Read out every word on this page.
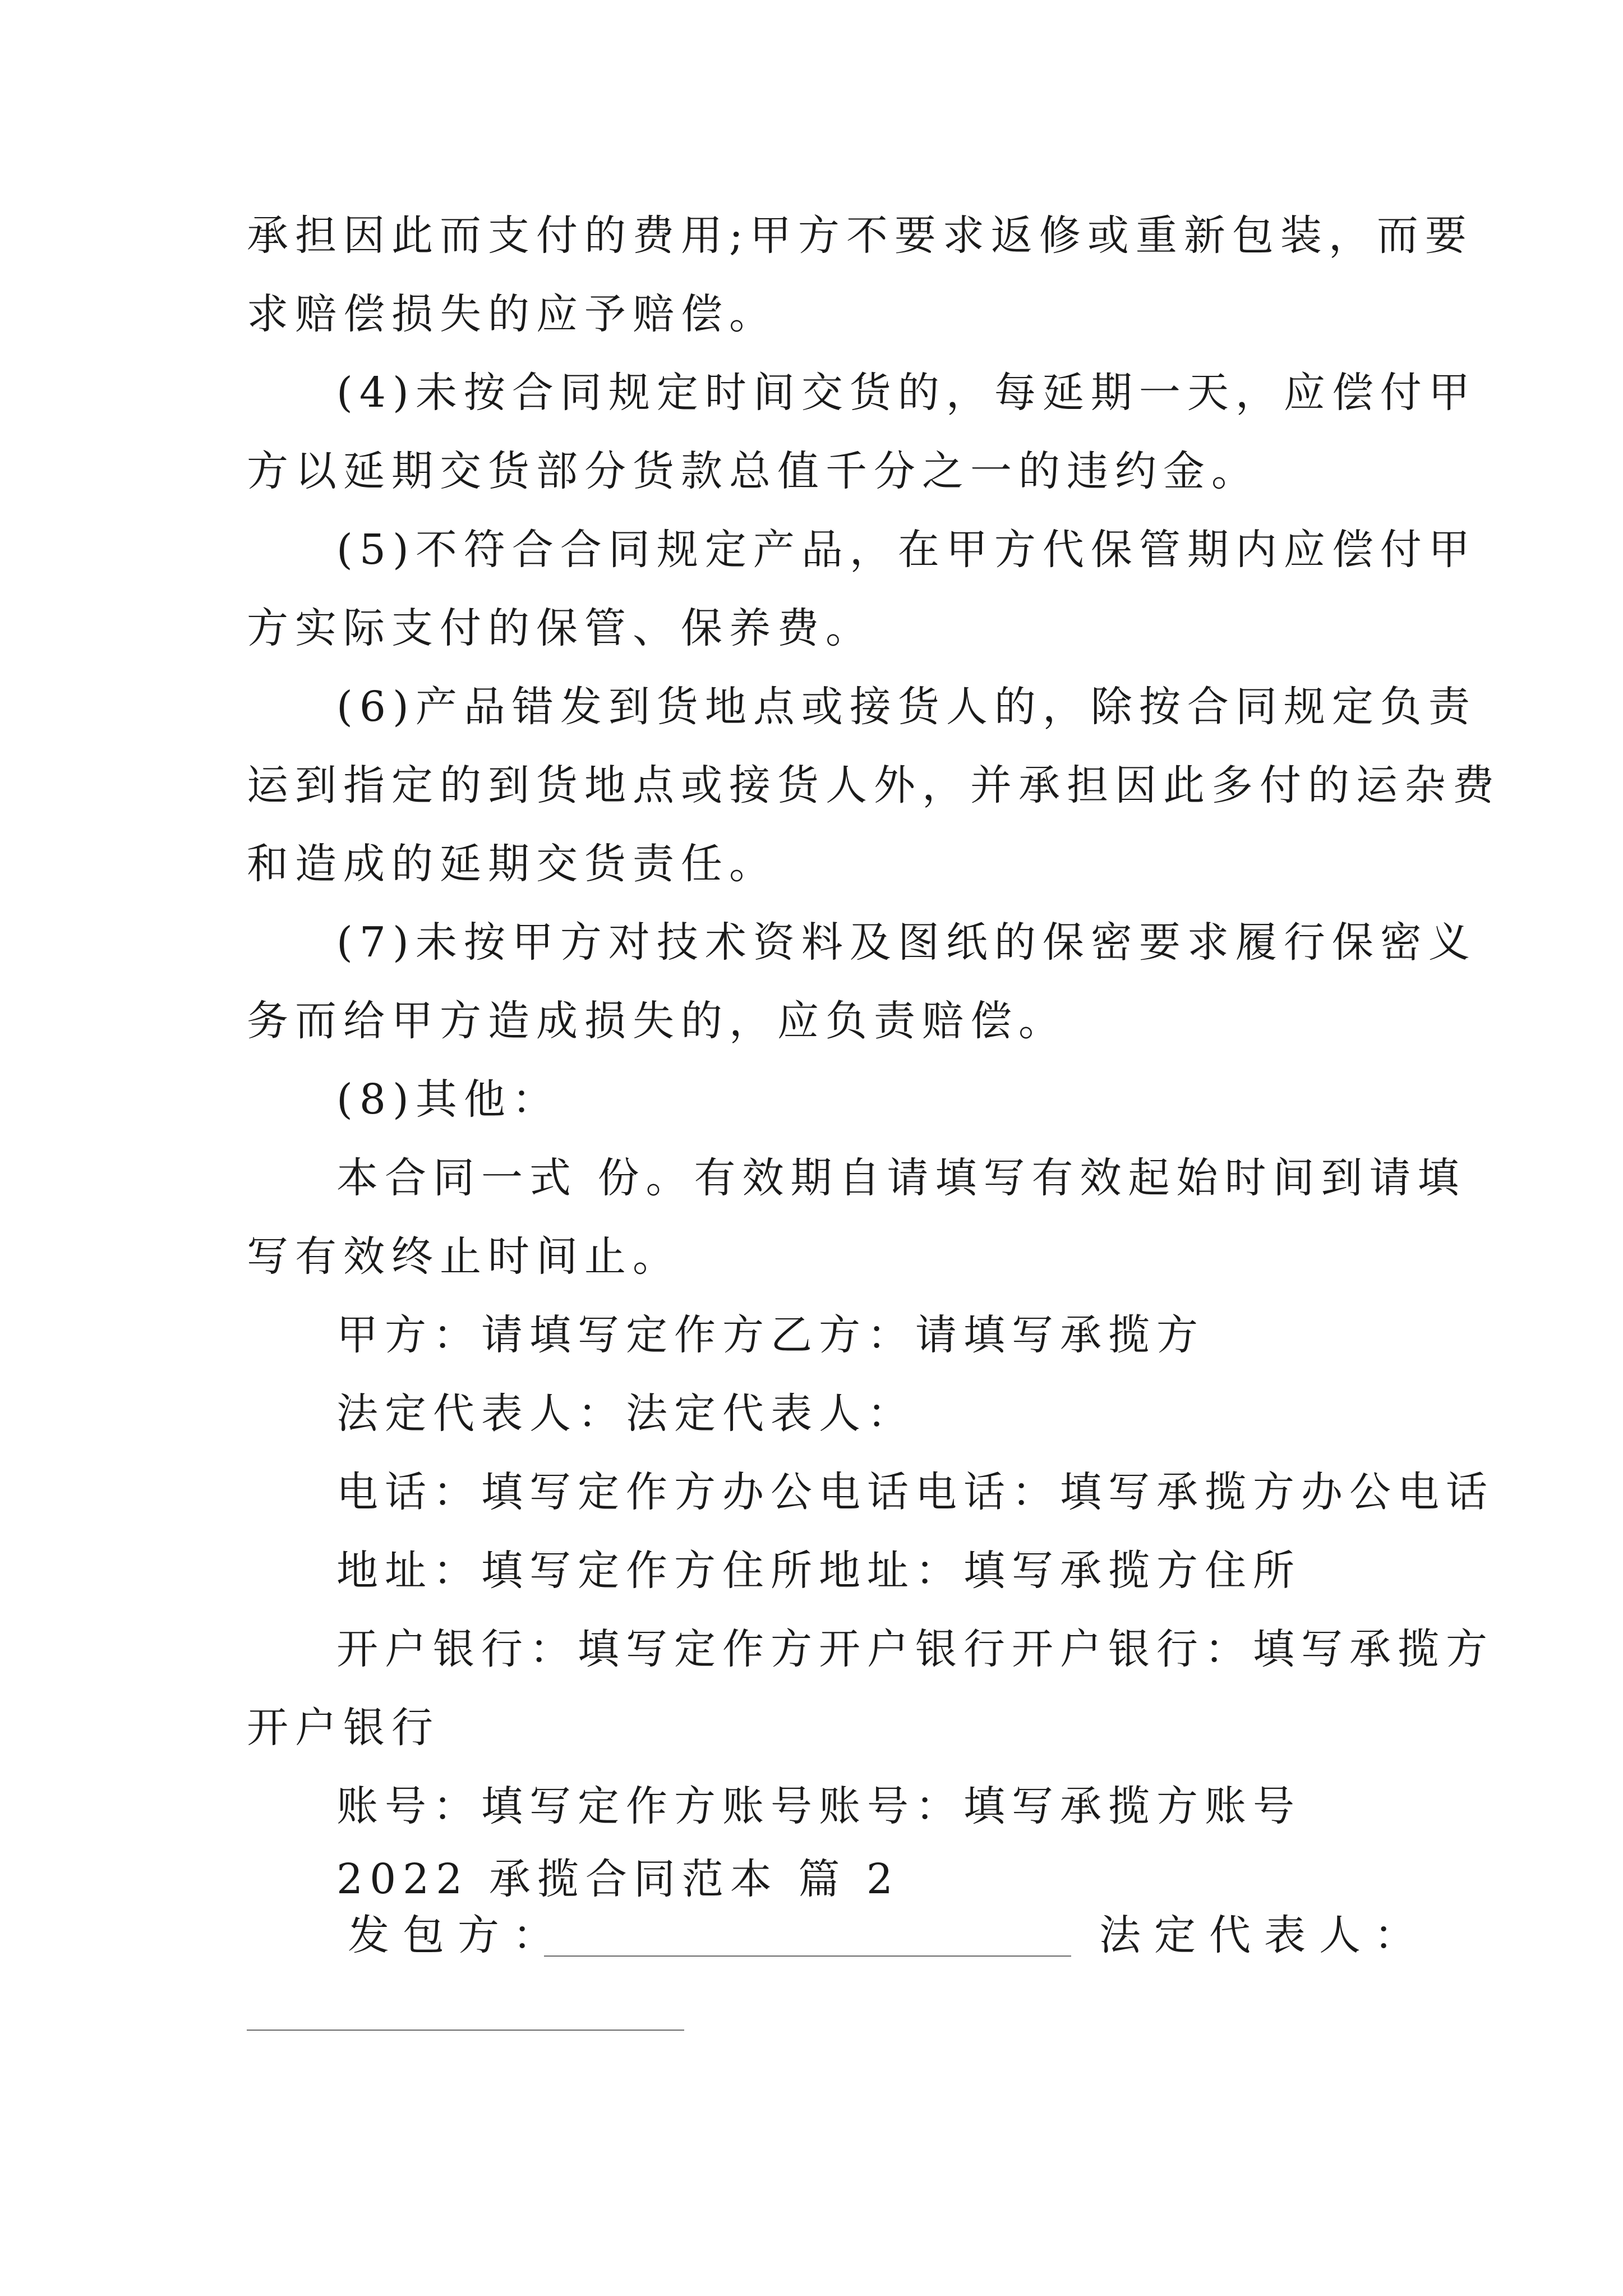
承担因此而支付的费用;甲方不要求返修或重新包装，而要

求赔偿损失的应予赔偿。

(4)未按合同规定时间交货的，每延期一天，应偿付甲

方以延期交货部分货款总值千分之一的违约金。

(5)不符合合同规定产品，在甲方代保管期内应偿付甲

方实际支付的保管、保养费。

(6)产品错发到货地点或接货人的，除按合同规定负责

运到指定的到货地点或接货人外，并承担因此多付的运杂费

和造成的延期交货责任。

(7)未按甲方对技术资料及图纸的保密要求履行保密义

务而给甲方造成损失的，应负责赔偿。

(8)其他：

本合同一式 份。有效期自请填写有效起始时间到请填

写有效终止时间止。

甲方：请填写定作方乙方：请填写承揽方

法定代表人：法定代表人：

电话：填写定作方办公电话电话：填写承揽方办公电话

地址：填写定作方住所地址：填写承揽方住所

开户银行：填写定作方开户银行开户银行：填写承揽方

开户银行

账号：填写定作方账号账号：填写承揽方账号

2022 承揽合同范本 篇 2

发包方：	法定代表人：
